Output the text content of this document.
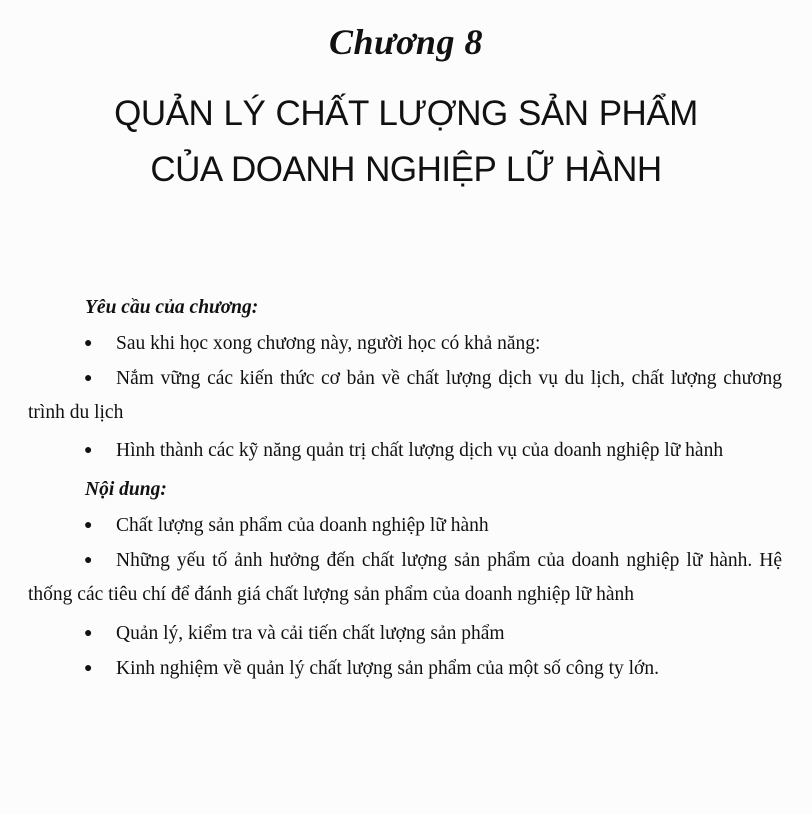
Chương 8
QUẢN LÝ CHẤT LƯỢNG SẢN PHẨM
CỦA DOANH NGHIỆP LỮ HÀNH

Yêu cầu của chương:

● Sau khi học xong chương này, người học có khả năng:

● Nắm vững các kiến thức cơ bản về chất lượng dịch vụ du lịch, chất lượng chương trình du lịch

● Hình thành các kỹ năng quản trị chất lượng dịch vụ của doanh nghiệp lữ hành

Nội dung:

● Chất lượng sản phẩm của doanh nghiệp lữ hành

● Những yếu tố ảnh hưởng đến chất lượng sản phẩm của doanh nghiệp lữ hành. Hệ thống các tiêu chí để đánh giá chất lượng sản phẩm của doanh nghiệp lữ hành

● Quản lý, kiểm tra và cải tiến chất lượng sản phẩm

● Kinh nghiệm về quản lý chất lượng sản phẩm của một số công ty lớn.
